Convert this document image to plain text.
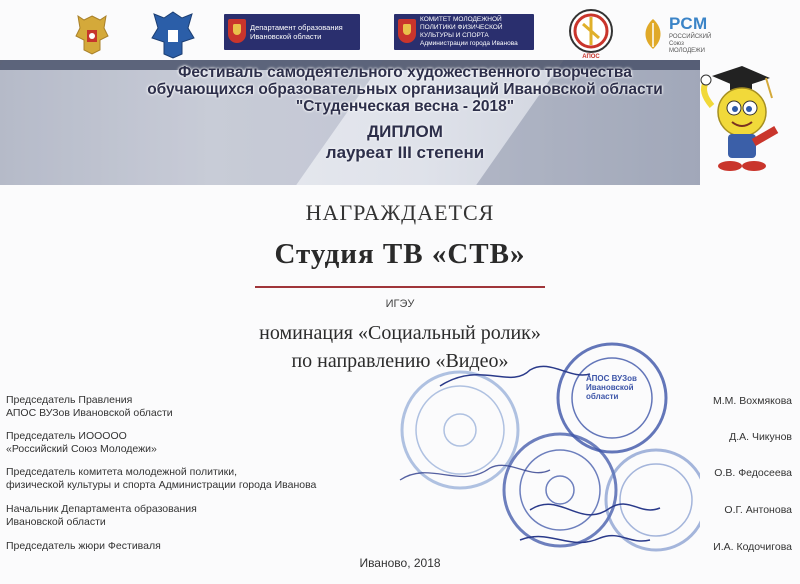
Департамент образования Ивановской области
КОМИТЕТ МОЛОДЕЖНОЙ ПОЛИТИКИ ФИЗИЧЕСКОЙ КУЛЬТУРЫ И СПОРТА Администрации города Иванова
АПОС
РСМ
РОССИЙСКИЙ Союз МОЛОДЕЖИ
Фестиваль самодеятельного художественного творчества
обучающихся образовательных организаций Ивановской области
"Студенческая весна - 2018"
ДИПЛОМ
лауреат III степени
НАГРАЖДАЕТСЯ
Студия ТВ «СТВ»
ИГЭУ
номинация «Социальный ролик»
по направлению «Видео»
АПОС ВУЗов Ивановской области
Председатель Правления
АПОС ВУЗов Ивановской области
М.М. Вохмякова
Председатель ИООООО
«Российский Союз Молодежи»
Д.А. Чикунов
Председатель комитета молодежной политики,
физической культуры и спорта Администрации города Иванова
О.В. Федосеева
Начальник Департамента образования
Ивановской области
О.Г. Антонова
Председатель жюри Фестиваля	И.А. Кодочигова
Иваново, 2018
